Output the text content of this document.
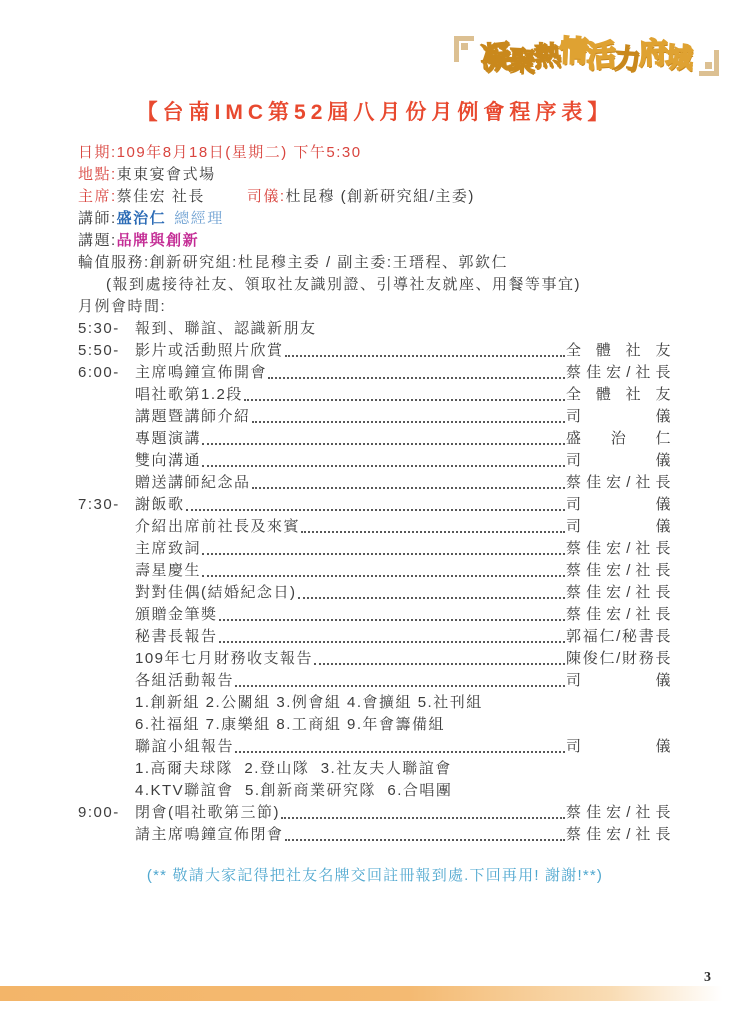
凝
聚
熱
情
活
力
府
城
【台南IMC第52屆八月份月例會程序表】
日期:109年8月18日(星期二) 下午5:30
地點:東東宴會式場
主席:蔡佳宏 社長	司儀:杜昆穆 (創新研究組/主委)
講師:盛治仁 總經理
講題:品牌與創新
輪值服務:創新研究組:杜昆穆主委 / 副主委:王瑨程、郭欽仁
(報到處接待社友、領取社友識別證、引導社友就座、用餐等事宜)
月例會時間:
5:30-	報到、聯誼、認識新朋友
5:50-	影片或活動照片欣賞	全體社友
6:00-	主席鳴鐘宣佈開會	蔡佳宏/社長
唱社歌第1.2段	全體社友
講題暨講師介紹	司儀
專題演講	盛治仁
雙向溝通	司儀
贈送講師紀念品	蔡佳宏/社長
7:30-	謝飯歌	司儀
介紹出席前社長及來賓	司儀
主席致詞	蔡佳宏/社長
壽星慶生	蔡佳宏/社長
對對佳偶(結婚紀念日)	蔡佳宏/社長
頒贈金筆獎	蔡佳宏/社長
秘書長報告	郭福仁/秘書長
109年七月財務收支報告	陳俊仁/財務長
各組活動報告	司儀
1.創新組 2.公關組 3.例會組 4.會擴組 5.社刊組
6.社福組 7.康樂組 8.工商組 9.年會籌備組
聯誼小組報告	司儀
1.高爾夫球隊  2.登山隊  3.社友夫人聯誼會
4.KTV聯誼會  5.創新商業研究隊  6.合唱團
9:00-	閉會(唱社歌第三節)	蔡佳宏/社長
請主席鳴鐘宣佈閉會	蔡佳宏/社長
(** 敬請大家記得把社友名牌交回註冊報到處.下回再用! 謝謝!**)
3
